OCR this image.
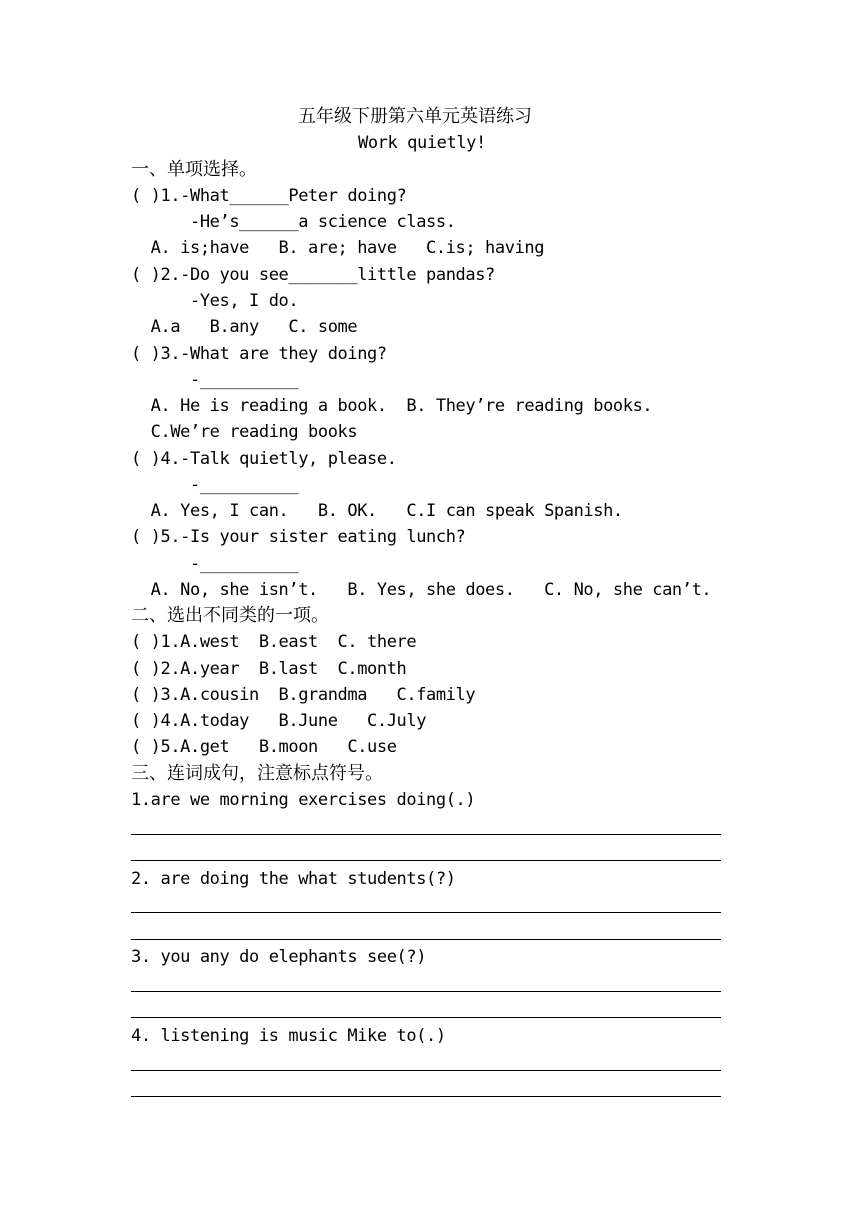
五年级下册第六单元英语练习
Work quietly!
一、单项选择。
( )1.-What______Peter doing?
-He’s______a science class.
A. is;have   B. are; have   C.is; having
( )2.-Do you see_______little pandas?
-Yes, I do.
A.a   B.any   C. some
( )3.-What are they doing?
-__________
A. He is reading a book.  B. They’re reading books.
C.We’re reading books
( )4.-Talk quietly, please.
-__________
A. Yes, I can.   B. OK.   C.I can speak Spanish.
( )5.-Is your sister eating lunch?
-__________
A. No, she isn’t.   B. Yes, she does.   C. No, she can’t.
二、选出不同类的一项。
( )1.A.west  B.east  C. there
( )2.A.year  B.last  C.month
( )3.A.cousin  B.grandma   C.family
( )4.A.today   B.June   C.July
( )5.A.get   B.moon   C.use
三、连词成句，注意标点符号。
1.are we morning exercises doing(.)
2. are doing the what students(?)
3. you any do elephants see(?)
4. listening is music Mike to(.)
